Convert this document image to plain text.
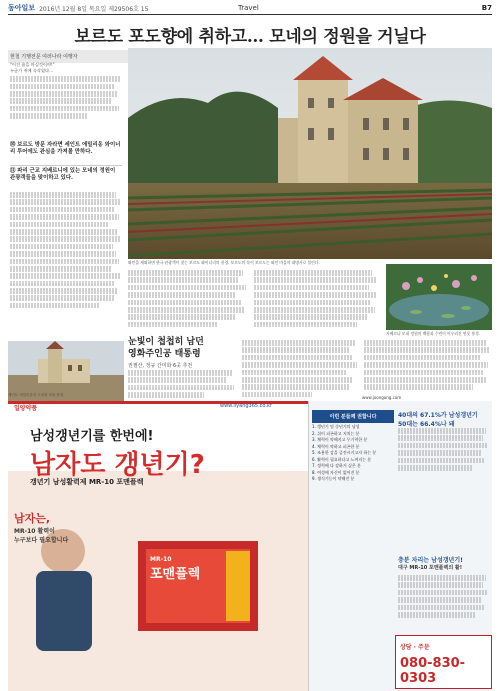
동아일보 2016년 12월 8일 목요일 제29506호 15	Travel	B7
보르도 포도향에 취하고… 모네의 정원을 거닐다
현철 기행전문 여러나라 여행자
"이건 술을 마실것이야!"
누군가 귀에 속삭였다…
⑩ 보르도 방문 자라면 세인트 에밀리옹 와이너리 투어에도 관심을 가져볼 만하다.
⑪ 파리 근교 지베르니에 있는 모네의 정원이 관광객들을 맞이하고 있다.
와인을 제외하면 한국 관광객이 찾는 보르도 와이너리의 풍경. 보르도의 목이 보르도는 와인 마을의 대명사로 불린다.
지베르니 모네 정원의 백합과 수련이 어우러진 연못 풍경.
눈빛이 첩첩히 남던
영화주인공 태통령
권필산, 정규 간미화 6곳 추천
www.joongang.com
세인트 에밀리옹의 고성과 마을 풍경.
일양약품	www.ilyang365.co.kr
남성갱년기를 한번에!
남자도 갱년기?
갱년기 남성활력제 MR-10 포맨플렉
남자는,
MR-10 활력이
누구보다 필요합니다
MR-10
포맨플렉
이런 분들께 권합니다
1. 갱년기 및 중년기의 남성
2. 쉬이 피곤하고 지치는 분
3. 체력이 약해지고 무기력한 분
4. 체력이 약하고 피곤한 분
5. 조용한 감을 증진시키고자 하는 분
6. 활력이 필요하다고 느껴지는 분
7. 정력에 다 강하거 싶은 분
8. 여성에 자신이 없어진 분
9. 생식기능이 약해진 분
40대의 67.1%가 남성갱년기
50대는 66.4%나 돼
충분 자리는 남성갱년기!
대구 MR-10 포맨플렉의 활!
상담 · 주문
080-830-0303
